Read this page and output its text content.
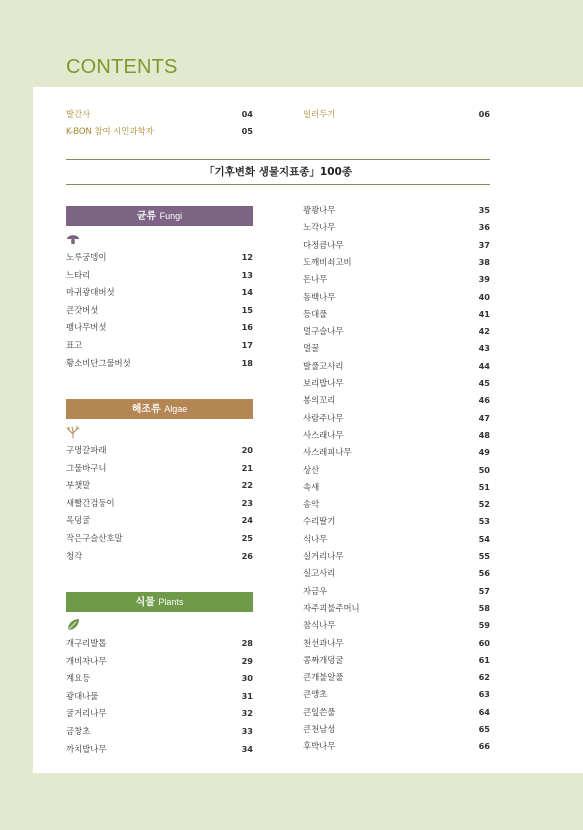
CONTENTS
발간사	04
K-BON 참여 시민과학자	05
일러두기	06
「기후변화 생물지표종」100종
균류 Fungi
노루궁뎅이	12
느타리	13
마귀광대버섯	14
큰갓버섯	15
팽나무버섯	16
표고	17
황소비단그물버섯	18
해조류 Algae
구멍갈파래	20
그물바구니	21
부챗말	22
새빨간검둥이	23
옥덩굴	24
작은구슬산호말	25
청각	26
식물 Plants
개구리발톱	28
개비자나무	29
계요등	30
광대나물	31
굴거리나무	32
금창초	33
까치밥나무	34
꽝꽝나무	35
노각나무	36
다정큼나무	37
도깨비쇠고비	38
돈나무	39
동백나무	40
등대풀	41
멀구슬나무	42
멀꿀	43
발풀고사리	44
보리밥나무	45
봉의꼬리	46
사람주나무	47
사스래나무	48
사스레피나무	49
상산	50
속새	51
송악	52
수리딸기	53
식나무	54
실거리나무	55
실고사리	56
자금우	57
자주괴불주머니	58
참식나무	59
천선과나무	60
콩짜개덩굴	61
큰개불알풀	62
큰앵초	63
큰잎쓴풀	64
큰천남성	65
후박나무	66
